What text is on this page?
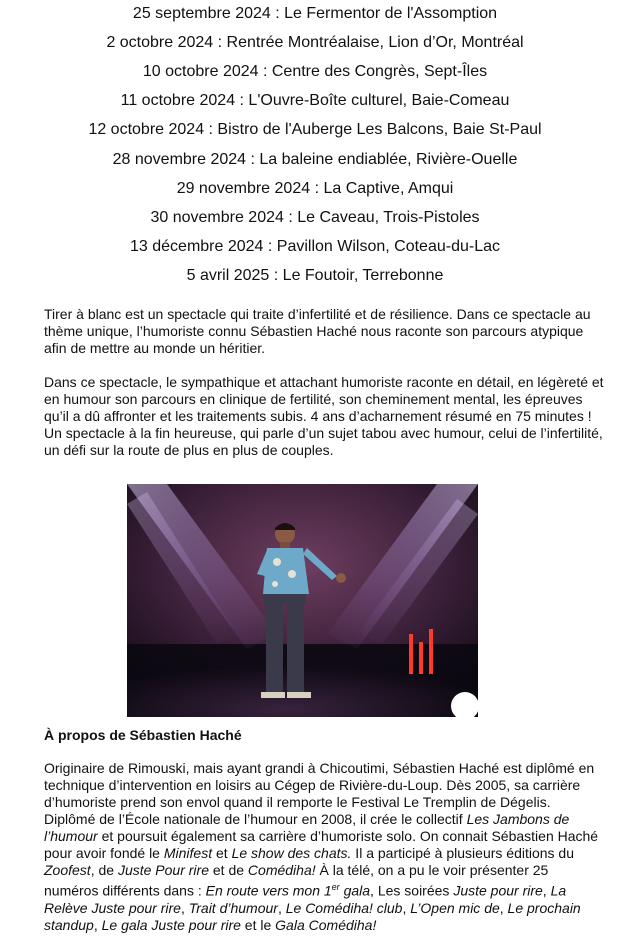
25 septembre 2024 : Le Fermentor de l'Assomption
2 octobre 2024 : Rentrée Montréalaise, Lion d’Or, Montréal
10 octobre 2024 : Centre des Congrès, Sept-Îles
11 octobre 2024 : L'Ouvre-Boîte culturel, Baie-Comeau
12 octobre 2024 : Bistro de l'Auberge Les Balcons, Baie St-Paul
28 novembre 2024 : La baleine endiablée, Rivière-Ouelle
29 novembre 2024 : La Captive, Amqui
30 novembre 2024 : Le Caveau, Trois-Pistoles
13 décembre 2024 : Pavillon Wilson, Coteau-du-Lac
5 avril 2025 : Le Foutoir, Terrebonne

Tirer à blanc est un spectacle qui traite d’infertilité et de résilience. Dans ce spectacle au thème unique, l’humoriste connu Sébastien Haché nous raconte son parcours atypique afin de mettre au monde un héritier.

Dans ce spectacle, le sympathique et attachant humoriste raconte en détail, en légèreté et en humour son parcours en clinique de fertilité, son cheminement mental, les épreuves qu’il a dû affronter et les traitements subis. 4 ans d’acharnement résumé en 75 minutes ! Un spectacle à la fin heureuse, qui parle d’un sujet tabou avec humour, celui de l’infertilité, un défi sur la route de plus en plus de couples.

À propos de Sébastien Haché

Originaire de Rimouski, mais ayant grandi à Chicoutimi, Sébastien Haché est diplômé en technique d’intervention en loisirs au Cégep de Rivière-du-Loup. Dès 2005, sa carrière d’humoriste prend son envol quand il remporte le Festival Le Tremplin de Dégelis. Diplômé de l’École nationale de l’humour en 2008, il crée le collectif Les Jambons de l’humour et poursuit également sa carrière d’humoriste solo. On connait Sébastien Haché pour avoir fondé le Minifest et Le show des chats. Il a participé à plusieurs éditions du Zoofest, de Juste Pour rire et de Comédiha! À la télé, on a pu le voir présenter 25 numéros différents dans : En route vers mon 1er gala, Les soirées Juste pour rire, La Relève Juste pour rire, Trait d’humour, Le Comédiha! club, L’Open mic de, Le prochain standup, Le gala Juste pour rire et le Gala Comédiha!
